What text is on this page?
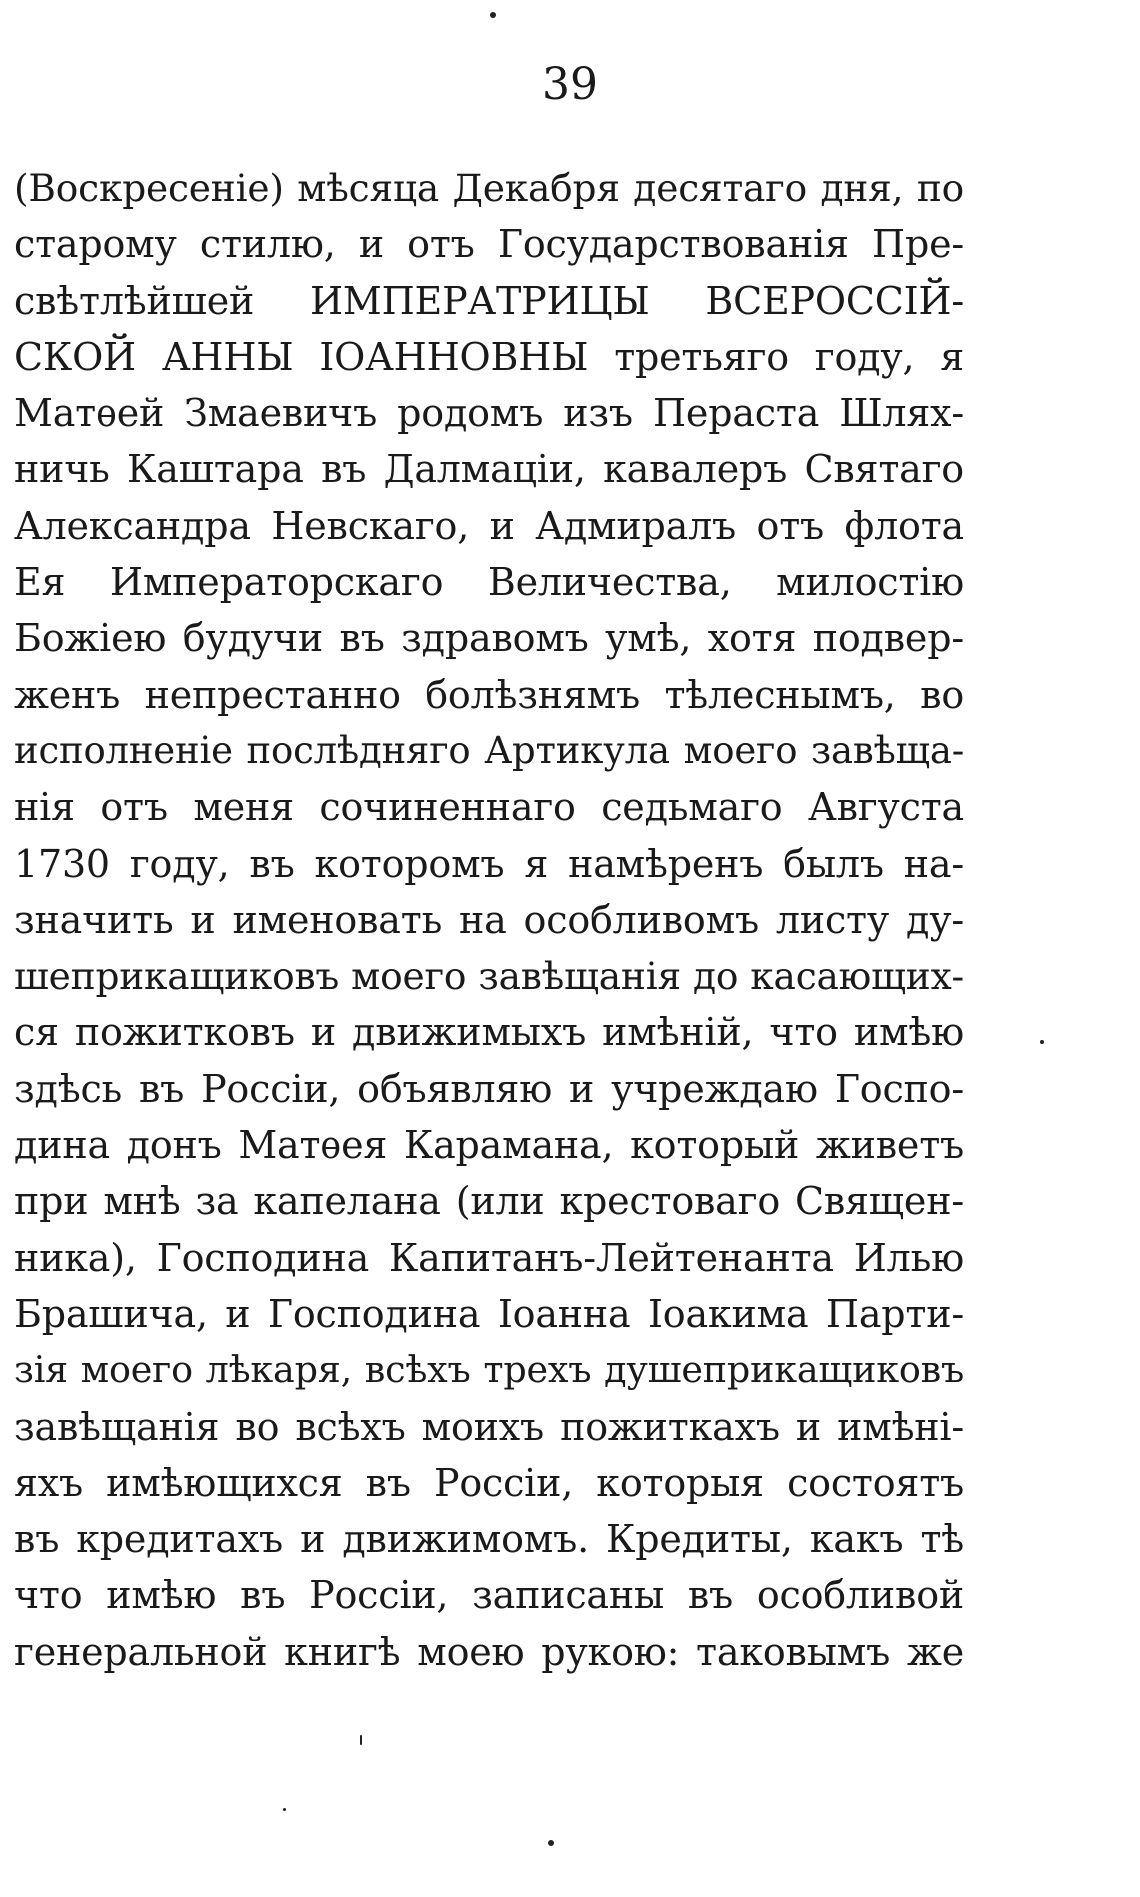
39
(Воскресеніе) мѣсяца Декабря десятаго дня, по
старому стилю, и отъ Государствованія Пре-
свѣтлѣйшей ИМПЕРАТРИЦЫ ВСЕРОССІЙ-
СКОЙ АННЫ ІОАННОВНЫ третьяго году, я
Матѳей Змаевичъ родомъ изъ Пераста Шлях-
ничь Каштара въ Далмаціи, кавалеръ Святаго
Александра Невскаго, и Адмиралъ отъ флота
Ея Императорскаго Величества, милостію
Божіею будучи въ здравомъ умѣ, хотя подвер-
женъ непрестанно болѣзнямъ тѣлеснымъ, во
исполненіе послѣдняго Артикула моего завѣща-
нія отъ меня сочиненнаго седьмаго Августа
1730 году, въ которомъ я намѣренъ былъ на-
значить и именовать на особливомъ листу ду-
шеприкащиковъ моего завѣщанія до касающих-
ся пожитковъ и движимыхъ имѣній, что имѣю
здѣсь въ Россіи, объявляю и учреждаю Госпо-
дина донъ Матѳея Карамана, который живетъ
при мнѣ за капелана (или крестоваго Священ-
ника), Господина Капитанъ-Лейтенанта Илью
Брашича, и Господина Іоанна Іоакима Парти-
зія моего лѣкаря, всѣхъ трехъ душеприкащиковъ
завѣщанія во всѣхъ моихъ пожиткахъ и имѣні-
яхъ имѣющихся въ Россіи, которыя состоятъ
въ кредитахъ и движимомъ. Кредиты, какъ тѣ
что имѣю въ Россіи, записаны въ особливой
генеральной книгѣ моею рукою: таковымъ же
